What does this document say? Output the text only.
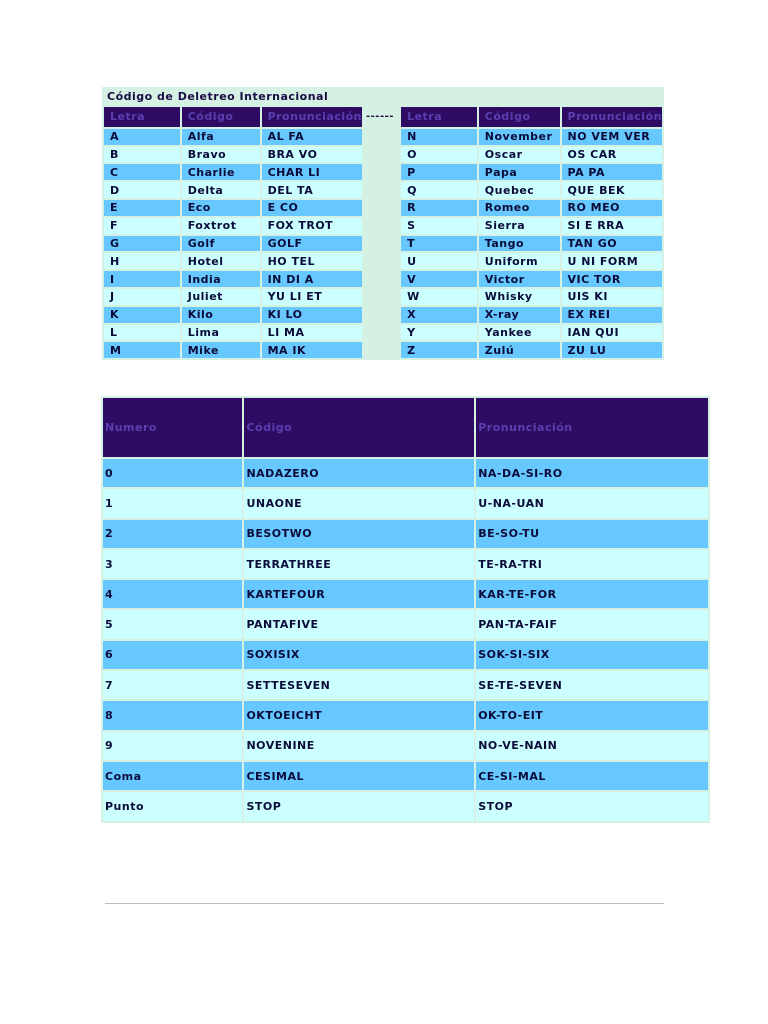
Código de Deletreo Internacional						
Letra	Código	Pronunciación	------	Letra	Código	Pronunciación
A	Alfa	AL FA		N	November	NO VEM VER
B	Bravo	BRA VO		O	Oscar	OS CAR
C	Charlie	CHAR LI		P	Papa	PA PA
D	Delta	DEL TA		Q	Quebec	QUE BEK
E	Eco	E CO		R	Romeo	RO MEO
F	Foxtrot	FOX TROT		S	Sierra	SI E RRA
G	Golf	GOLF		T	Tango	TAN GO
H	Hotel	HO TEL		U	Uniform	U NI FORM
I	India	IN DI A		V	Victor	VIC TOR
J	Juliet	YU LI ET		W	Whisky	UIS KI
K	Kilo	KI LO		X	X-ray	EX REI
L	Lima	LI MA		Y	Yankee	IAN QUI
M	Mike	MA IK		Z	Zulú	ZU LU
Numero	Código	Pronunciación
0	NADAZERO	NA-DA-SI-RO
1	UNAONE	U-NA-UAN
2	BESOTWO	BE-SO-TU
3	TERRATHREE	TE-RA-TRI
4	KARTEFOUR	KAR-TE-FOR
5	PANTAFIVE	PAN-TA-FAIF
6	SOXISIX	SOK-SI-SIX
7	SETTESEVEN	SE-TE-SEVEN
8	OKTOEICHT	OK-TO-EIT
9	NOVENINE	NO-VE-NAIN
Coma	CESIMAL	CE-SI-MAL
Punto	STOP	STOP
